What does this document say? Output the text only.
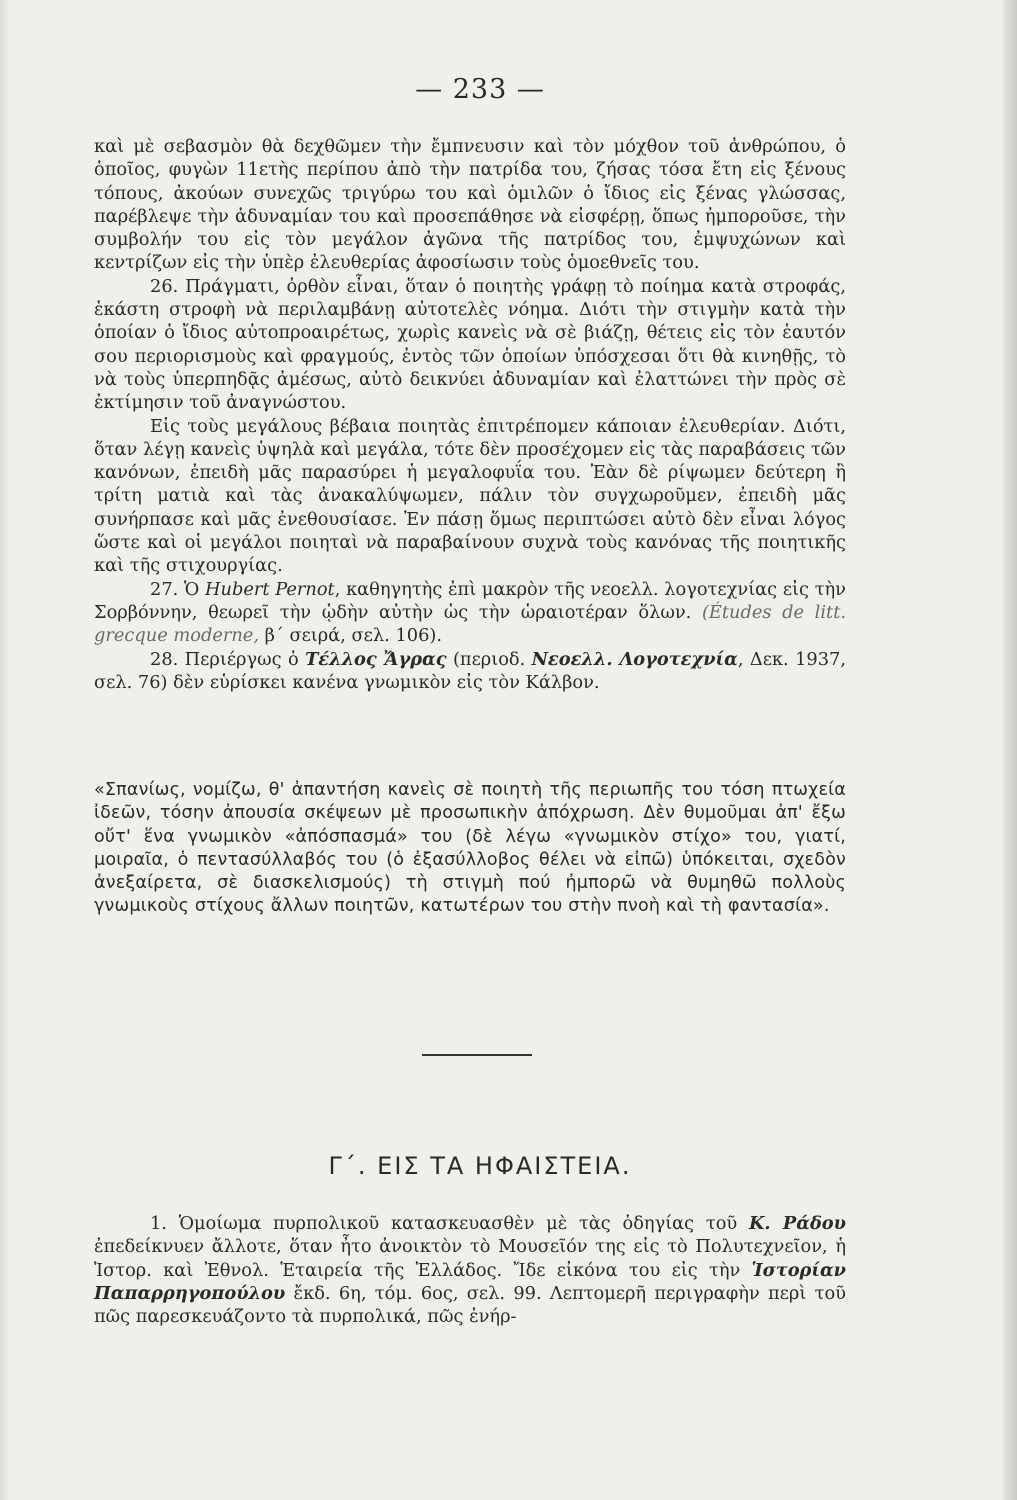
— 233 —

καὶ μὲ σεβασμὸν θὰ δεχθῶμεν τὴν ἔμπνευσιν καὶ τὸν μόχθον τοῦ ἀνθρώπου, ὁ ὁποῖος, φυγὼν 11ετὴς περίπου ἀπὸ τὴν πατρίδα του, ζήσας τόσα ἔτη εἰς ξένους τόπους, ἀκούων συνεχῶς τριγύρω του καὶ ὁμιλῶν ὁ ἴδιος εἰς ξένας γλώσσας, παρέβλεψε τὴν ἀδυναμίαν του καὶ προσεπάθησε νὰ εἰσφέρῃ, ὅπως ἠμποροῦσε, τὴν συμβολήν του εἰς τὸν μεγάλον ἀγῶνα τῆς πατρίδος του, ἐμψυχώνων καὶ κεντρίζων εἰς τὴν ὑπὲρ ἐλευθερίας ἀφοσίωσιν τοὺς ὁμοεθνεῖς του.

26. Πράγματι, ὀρθὸν εἶναι, ὅταν ὁ ποιητὴς γράφῃ τὸ ποίημα κατὰ στροφάς, ἑκάστη στροφὴ νὰ περιλαμβάνῃ αὐτοτελὲς νόημα. Διότι τὴν στιγμὴν κατὰ τὴν ὁποίαν ὁ ἴδιος αὐτοπροαιρέτως, χωρὶς κανεὶς νὰ σὲ βιάζῃ, θέτεις εἰς τὸν ἑαυτόν σου περιορισμοὺς καὶ φραγμούς, ἐντὸς τῶν ὁποίων ὑπόσχεσαι ὅτι θὰ κινηθῇς, τὸ νὰ τοὺς ὑπερπηδᾷς ἀμέσως, αὐτὸ δεικνύει ἀδυναμίαν καὶ ἐλαττώνει τὴν πρὸς σὲ ἐκτίμησιν τοῦ ἀναγνώστου.

Εἰς τοὺς μεγάλους βέβαια ποιητὰς ἐπιτρέπομεν κάποιαν ἐλευθερίαν. Διότι, ὅταν λέγῃ κανεὶς ὑψηλὰ καὶ μεγάλα, τότε δὲν προσέχομεν εἰς τὰς παραβάσεις τῶν κανόνων, ἐπειδὴ μᾶς παρασύρει ἡ μεγαλοφυΐα του. Ἐὰν δὲ ρίψωμεν δεύτερη ἢ τρίτη ματιὰ καὶ τὰς ἀνακαλύψωμεν, πάλιν τὸν συγχωροῦμεν, ἐπειδὴ μᾶς συνήρπασε καὶ μᾶς ἐνεθουσίασε. Ἐν πάσῃ ὅμως περιπτώσει αὐτὸ δὲν εἶναι λόγος ὥστε καὶ οἱ μεγάλοι ποιηταὶ νὰ παραβαίνουν συχνὰ τοὺς κανόνας τῆς ποιητικῆς καὶ τῆς στιχουργίας.

27. Ὁ Hubert Pernot, καθηγητὴς ἐπὶ μακρὸν τῆς νεοελλ. λογοτεχνίας εἰς τὴν Σορβόννην, θεωρεῖ τὴν ᾠδὴν αὐτὴν ὡς τὴν ὡραιοτέραν ὅλων. (Études de litt. grecque moderne, β΄ σειρά, σελ. 106).

28. Περιέργως ὁ Τέλλος Ἄγρας (περιοδ. Νεοελλ. Λογοτεχνία, Δεκ. 1937, σελ. 76) δὲν εὑρίσκει κανένα γνωμικὸν εἰς τὸν Κάλβον.

«Σπανίως, νομίζω, θ' ἀπαντήση κανεὶς σὲ ποιητὴ τῆς περιωπῆς του τόση πτωχεία ἰδεῶν, τόσην ἀπουσία σκέψεων μὲ προσωπικὴν ἀπόχρωση. Δὲν θυμοῦμαι ἀπ' ἔξω οὔτ' ἕνα γνωμικὸν «ἀπόσπασμά» του (δὲ λέγω «γνωμικὸν στίχο» του, γιατί, μοιραῖα, ὁ πεντασύλλαβός του (ὁ ἐξασύλλοβος θέλει νὰ εἰπῶ) ὑπόκειται, σχεδὸν ἀνεξαίρετα, σὲ διασκελισμούς) τὴ στιγμὴ πού ἠμπορῶ νὰ θυμηθῶ πολλοὺς γνωμικοὺς στίχους ἄλλων ποιητῶν, κατωτέρων του στὴν πνοὴ καὶ τὴ φαντασία».

Γ΄. ΕΙΣ ΤΑ ΗΦΑΙΣΤΕΙΑ.

1. Ὁμοίωμα πυρπολικοῦ κατασκευασθὲν μὲ τὰς ὁδηγίας τοῦ Κ. Ράδου ἐπεδείκνυεν ἄλλοτε, ὅταν ἦτο ἀνοικτὸν τὸ Μουσεῖόν της εἰς τὸ Πολυτεχνεῖον, ἡ Ἱστορ. καὶ Ἐθνολ. Ἑταιρεία τῆς Ἑλλάδος. Ἴδε εἰκόνα του εἰς τὴν Ἱστορίαν Παπαρρηγοπούλου ἔκδ. 6η, τόμ. 6ος, σελ. 99. Λεπτομερῆ περιγραφὴν περὶ τοῦ πῶς παρεσκευάζοντο τὰ πυρπολικά, πῶς ἐνήρ-
